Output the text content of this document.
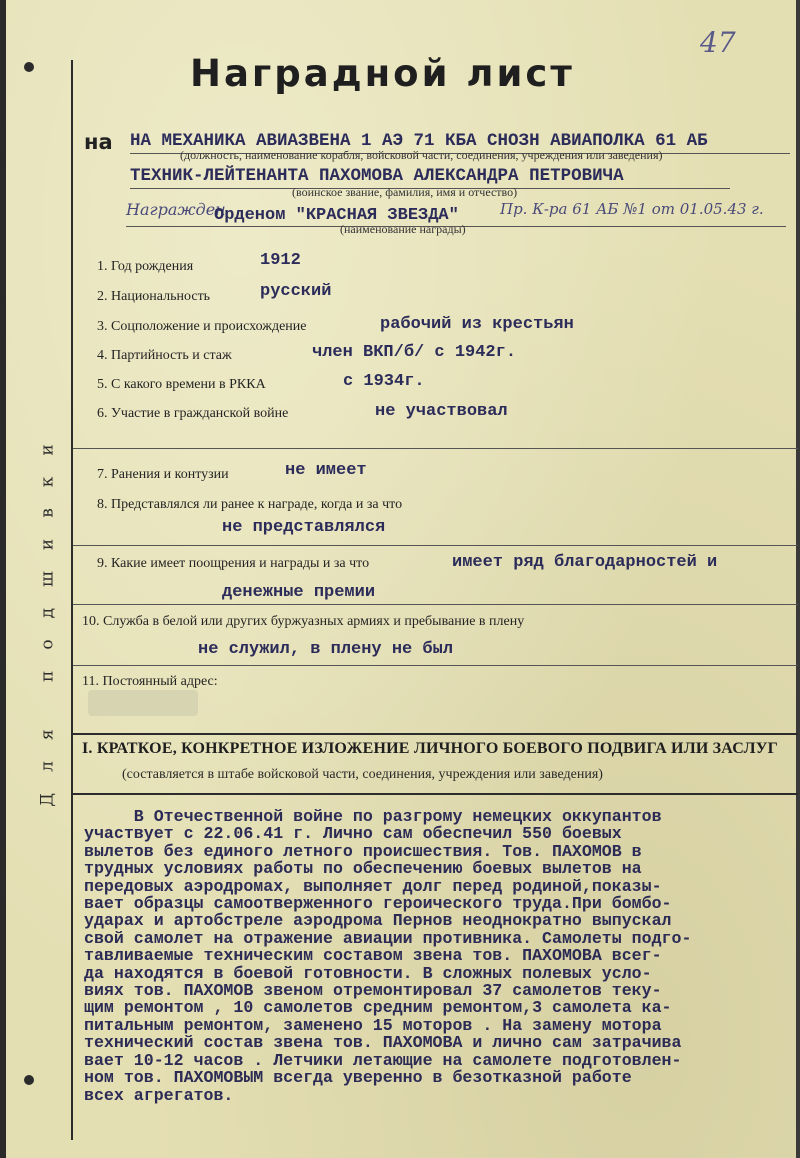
Для подшивки
47
Наградной лист
на НА МЕХАНИКА АВИАЗВЕНА 1 АЭ 71 КБА СНОЗН АВИАПОЛКА 61 АБ
(должность, наименование корабля, войсковой части, соединения, учреждения или заведения)
ТЕХНИК-ЛЕЙТЕНАНТА ПАХОМОВА АЛЕКСАНДРА ПЕТРОВИЧА
(воинское звание, фамилия, имя и отчество)
Награжден
Орденом "КРАСНАЯ ЗВЕЗДА"	Пр. К-ра 61 АБ №1 от 01.05.43 г.
(наименование награды)
1. Год рождения	1912
2. Национальность	русский
3. Соцположение и происхождение	рабочий из крестьян
4. Партийность и стаж	член ВКП/б/ с 1942г.
5. С какого времени в РККА	с 1934г.
6. Участие в гражданской войне	не участвовал
7. Ранения и контузии	не имеет
8. Представлялся ли ранее к награде, когда и за что
не представлялся
9. Какие имеет поощрения и награды и за что	имеет ряд благодарностей и
денежные премии
10. Служба в белой или других буржуазных армиях и пребывание в плену
не служил, в плену не был
11. Постоянный адрес:
I. КРАТКОЕ, КОНКРЕТНОЕ ИЗЛОЖЕНИЕ ЛИЧНОГО БОЕВОГО ПОДВИГА ИЛИ ЗАСЛУГ
(составляется в штабе войсковой части, соединения, учреждения или заведения)
В Отечественной войне по разгрому немецких оккупантов
участвует с 22.06.41 г. Лично сам обеспечил 550 боевых
вылетов без единого летного происшествия. Тов. ПАХОМОВ в
трудных условиях работы по обеспечению боевых вылетов на
передовых аэродромах, выполняет долг перед родиной,показы-
вает образцы самоотверженного героического труда.При бомбо-
ударах и артобстреле аэродрома Пернов неоднократно выпускал
свой самолет на отражение авиации противника. Самолеты подго-
тавливаемые техническим составом звена тов. ПАХОМОВА всег-
да находятся в боевой готовности. В сложных полевых усло-
виях тов. ПАХОМОВ звеном отремонтировал 37 самолетов теку-
щим ремонтом , 10 самолетов средним ремонтом,3 самолета ка-
питальным ремонтом, заменено 15 моторов . На замену мотора
технический состав звена тов. ПАХОМОВА и лично сам затрачива
вает 10-12 часов . Летчики летающие на самолете подготовлен-
ном тов. ПАХОМОВЫМ всегда уверенно в безотказной работе
всех агрегатов.
